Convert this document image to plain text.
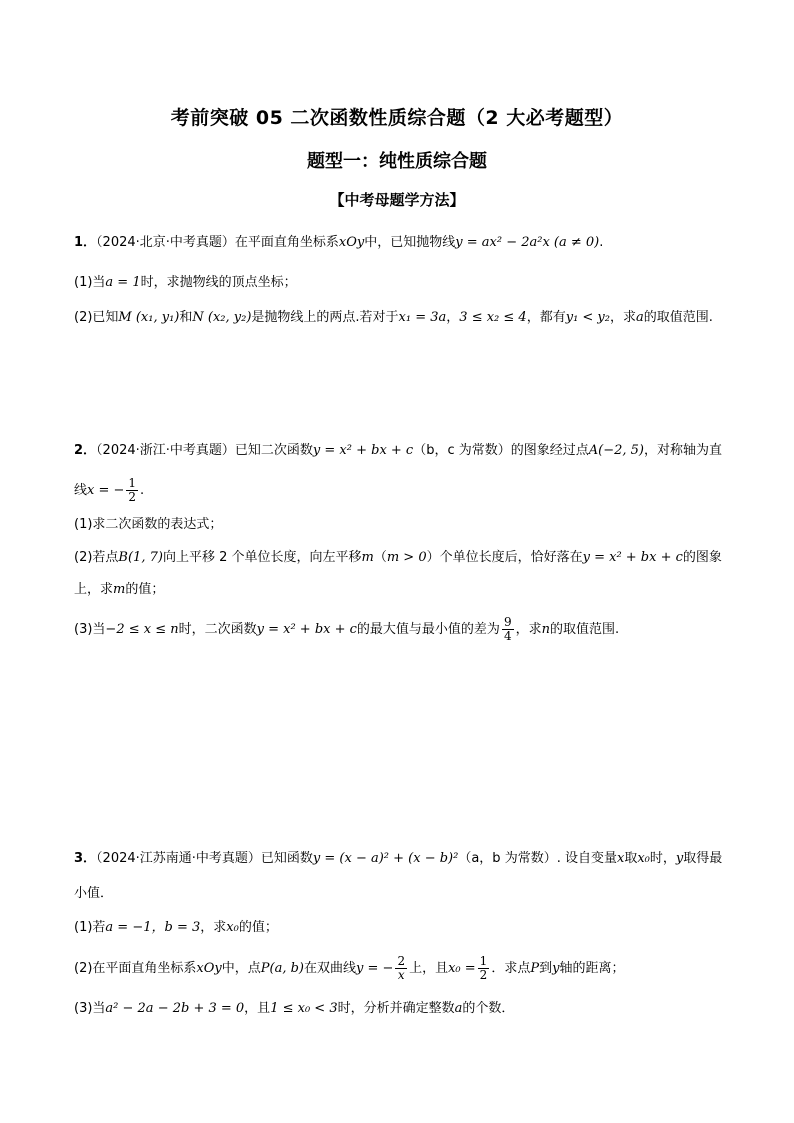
考前突破 05 二次函数性质综合题（2 大必考题型）
题型一：纯性质综合题
【中考母题学方法】
1．（2024·北京·中考真题）在平面直角坐标系xOy中，已知抛物线y = ax² − 2a²x (a ≠ 0).
(1)当a = 1时，求抛物线的顶点坐标；
(2)已知M (x₁, y₁)和N (x₂, y₂)是抛物线上的两点.若对于x₁ = 3a，3 ≤ x₂ ≤ 4，都有y₁ < y₂，求a的取值范围.
2．（2024·浙江·中考真题）已知二次函数y = x² + bx + c（b，c 为常数）的图象经过点A(−2, 5)，对称轴为直
线x = − $\frac{1}{2}$ .
(1)求二次函数的表达式；
(2)若点B(1, 7)向上平移 2 个单位长度，向左平移m（m > 0）个单位长度后，恰好落在y = x² + bx + c的图象
上，求m的值；
(3)当−2 ≤ x ≤ n时，二次函数y = x² + bx + c的最大值与最小值的差为 $\frac{9}{4}$ ，求n的取值范围.
3．（2024·江苏南通·中考真题）已知函数y = (x − a)² + (x − b)²（a，b 为常数）. 设自变量x取x₀时，y取得最
小值．
(1)若a = −1，b = 3，求x₀的值；
(2)在平面直角坐标系xOy中，点P(a, b)在双曲线y = − $\frac{2}{x}$ 上，且$x_0 = \frac{1}{2}$ ．求点P到y轴的距离；
(3)当a² − 2a − 2b + 3 = 0，且1 ≤ x₀ < 3时，分析并确定整数a的个数．
